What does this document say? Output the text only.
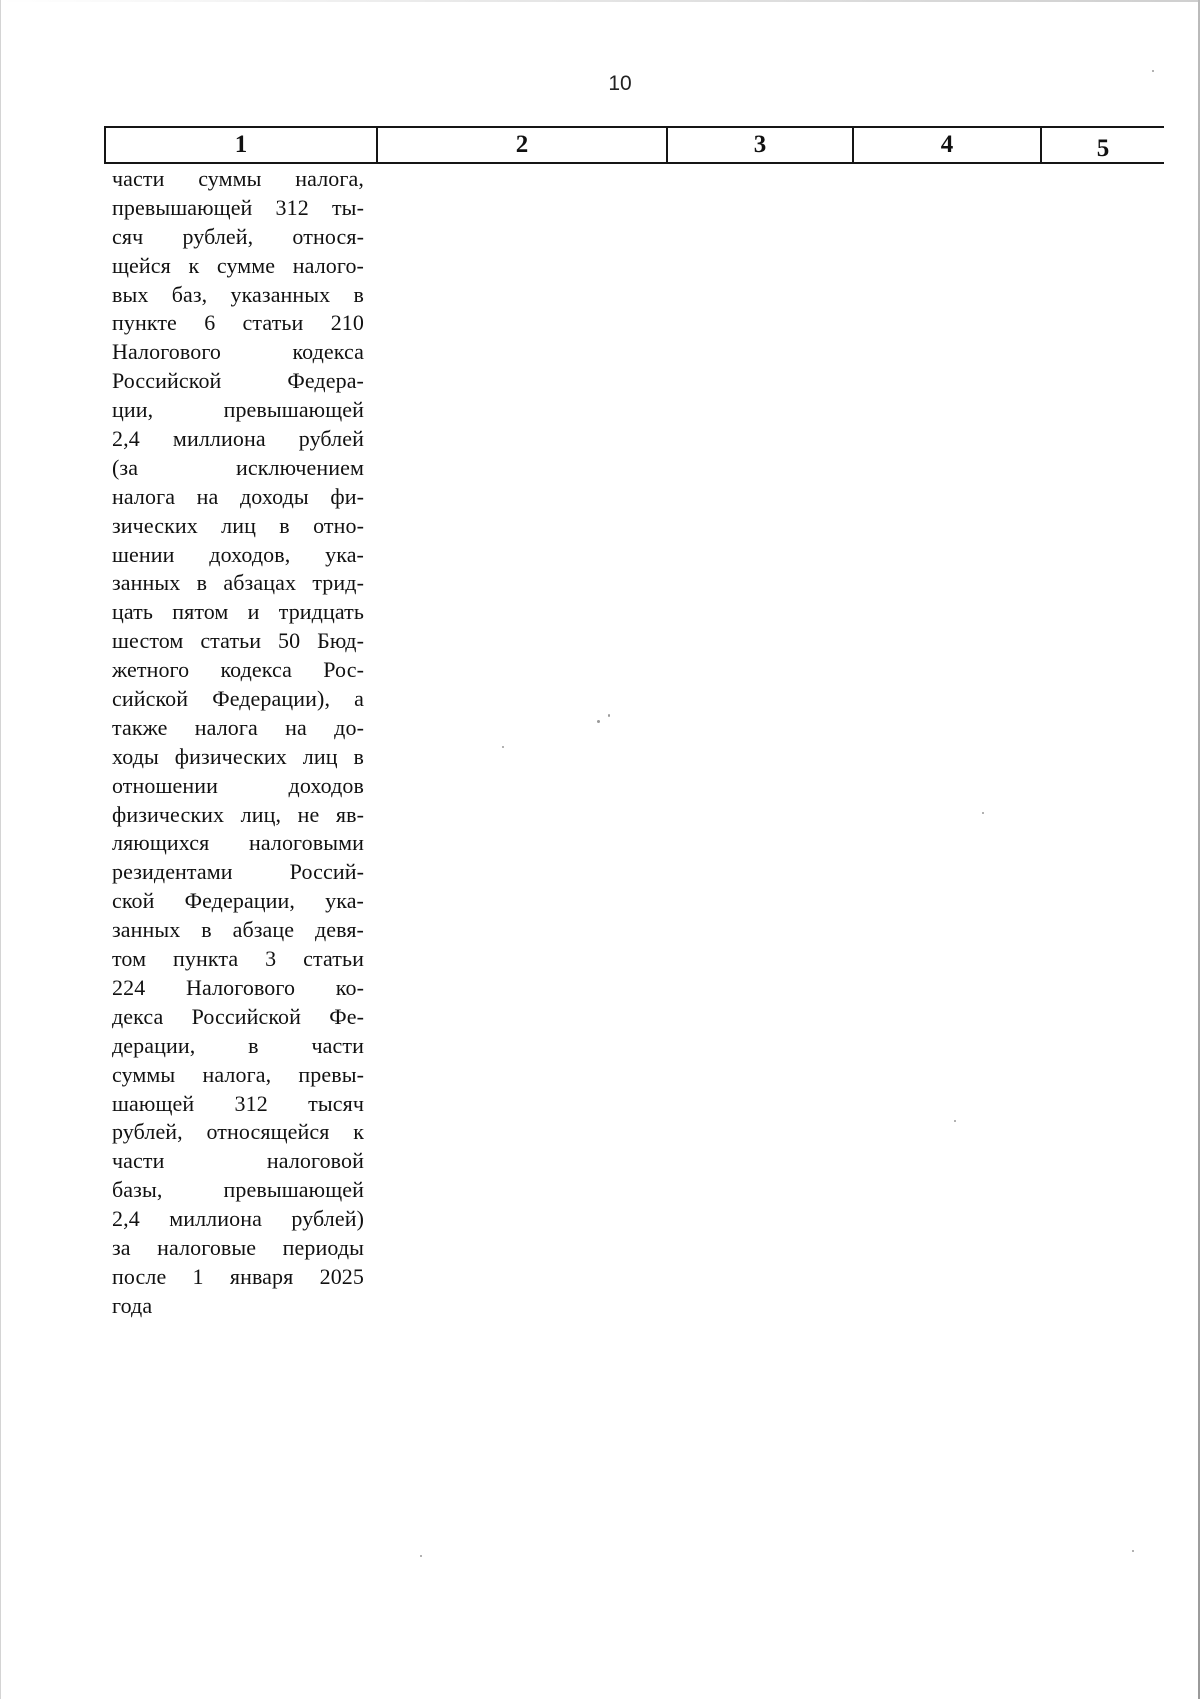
10
1	2	3	4	5
части суммы налога,
превышающей 312 ты-
сяч рублей, относя-
щейся к сумме налого-
вых баз, указанных в
пункте 6 статьи 210
Налогового кодекса
Российской Федера-
ции, превышающей
2,4 миллиона рублей
(за исключением
налога на доходы фи-
зических лиц в отно-
шении доходов, ука-
занных в абзацах трид-
цать пятом и тридцать
шестом статьи 50 Бюд-
жетного кодекса Рос-
сийской Федерации), а
также налога на до-
ходы физических лиц в
отношении доходов
физических лиц, не яв-
ляющихся налоговыми
резидентами Россий-
ской Федерации, ука-
занных в абзаце девя-
том пункта 3 статьи
224 Налогового ко-
декса Российской Фе-
дерации, в части
суммы налога, превы-
шающей 312 тысяч
рублей, относящейся к
части налоговой
базы, превышающей
2,4 миллиона рублей)
за налоговые периоды
после 1 января 2025
года
